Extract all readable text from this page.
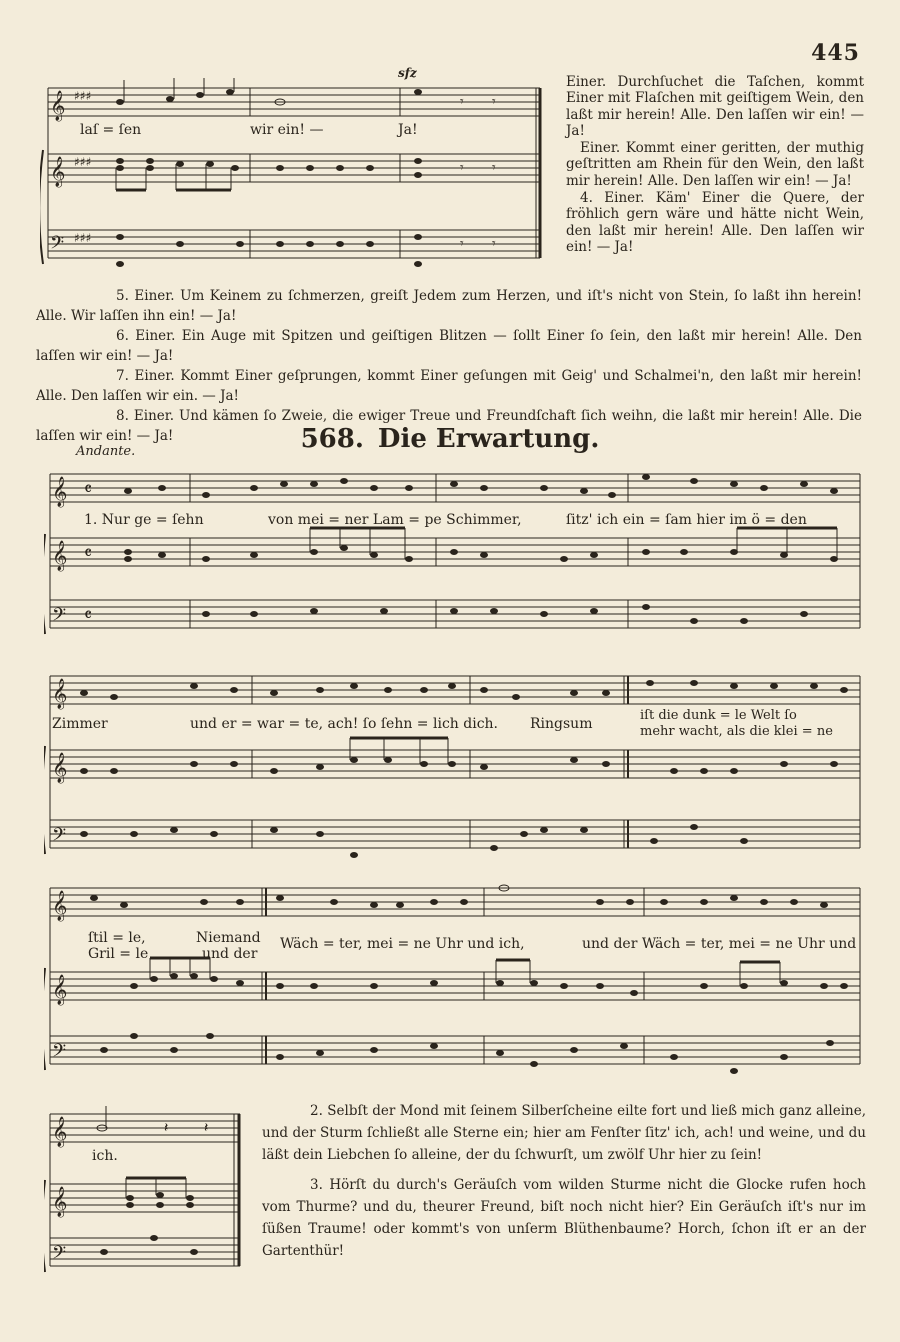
445
sfz
𝄞
𝄞
𝄢
♯♯♯
♯♯♯
♯♯♯
𝄾 𝄾
𝄾 𝄾
𝄾 𝄾
laſ = ſen	wir ein! —	Ja!

Einer. Durchſuchet die Taſchen, kommt Einer mit Flaſchen mit geiſtigem Wein, den laßt mir herein! Alle. Den laſſen wir ein! — Ja!

Einer. Kommt einer geritten, der muthig geſtritten am Rhein für den Wein, den laßt mir herein! Alle. Den laſſen wir ein! — Ja!

4. Einer. Käm' Einer die Quere, der fröhlich gern wäre und hätte nicht Wein, den laßt mir herein! Alle. Den laſſen wir ein! — Ja!

5. Einer. Um Keinem zu ſchmerzen, greiſt Jedem zum Herzen, und iſt's nicht von Stein, ſo laßt ihn herein! Alle. Wir laſſen ihn ein! — Ja!

6. Einer. Ein Auge mit Spitzen und geiſtigen Blitzen — ſollt Einer ſo ſein, den laßt mir herein! Alle. Den laſſen wir ein! — Ja!

7. Einer. Kommt Einer geſprungen, kommt Einer geſungen mit Geig' und Schalmei'n, den laßt mir herein! Alle. Den laſſen wir ein. — Ja!

8. Einer. Und kämen ſo Zweie, die ewiger Treue und Freundſchaft ſich weihn, die laßt mir herein! Alle. Die laſſen wir ein! — Ja!	568. Die Erwartung.
Andante.
𝄞
𝄞
𝄢
𝄴
𝄴
𝄴
1. Nur ge = ſehn	von mei = ner Lam = pe Schimmer,	ſitz' ich ein = ſam hier im ö = den
𝄞
𝄞
𝄢
Zimmer	und er = war = te, ach! ſo ſehn = lich dich. Ringsum
iſt die dunk = le Welt ſo
mehr wacht, als die klei = ne
𝄞
𝄞
𝄢
ſtil = le,	Niemand
Gril = le	und der
Wäch = ter, mei = ne Uhr und ich,	und der Wäch = ter, mei = ne Uhr und
𝄞
𝄞
𝄢
𝄽	𝄽
ich.

2. Selbſt der Mond mit ſeinem Silberſcheine eilte fort und ließ mich ganz alleine, und der Sturm ſchließt alle Sterne ein; hier am Fenſter ſitz' ich, ach! und weine, und du läßt dein Liebchen ſo alleine, der du ſchwurſt, um zwölf Uhr hier zu ſein!

3. Hörſt du durch's Geräuſch vom wilden Sturme nicht die Glocke rufen hoch vom Thurme? und du, theurer Freund, biſt noch nicht hier? Ein Geräuſch iſt's nur im ſüßen Traume! oder kommt's von unſerm Blüthenbaume? Horch, ſchon iſt er an der Gartenthür!
